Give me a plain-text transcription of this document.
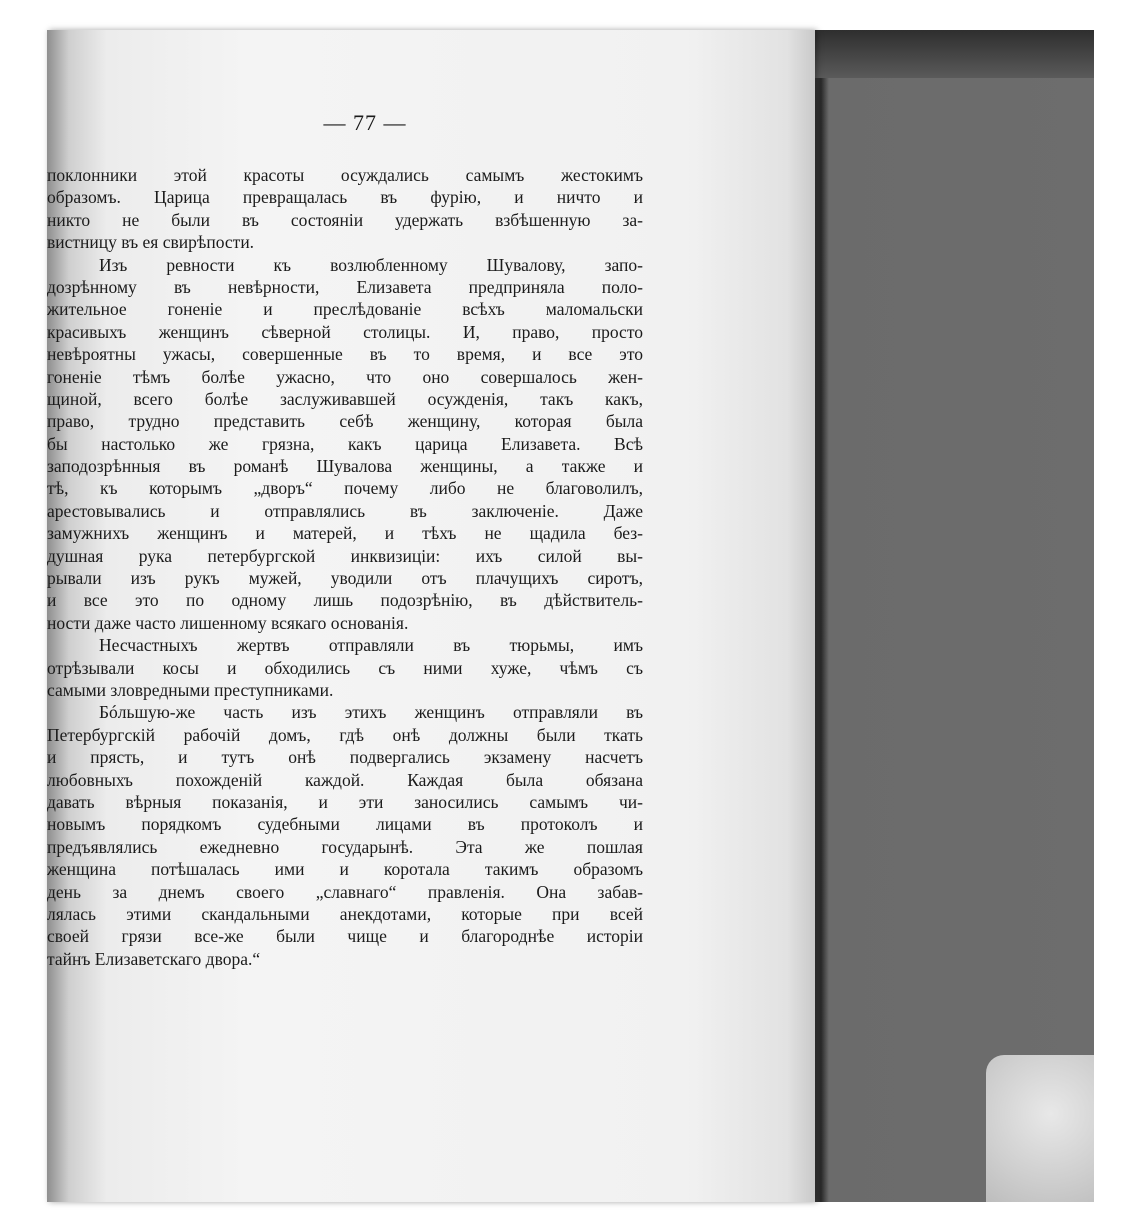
— 77 —
поклонники этой красоты осуждались самымъ жестокимъ
образомъ. Царица превращалась въ фурію, и ничто и
никто не были въ состояніи удержать взбѣшенную за-
вистницу въ ея свирѣпости.
Изъ ревности къ возлюбленному Шувалову, запо-
дозрѣнному въ невѣрности, Елизавета предприняла поло-
жительное гоненіе и преслѣдованіе всѣхъ маломальски
красивыхъ женщинъ сѣверной столицы. И, право, просто
невѣроятны ужасы, совершенные въ то время, и все это
гоненіе тѣмъ болѣе ужасно, что оно совершалось жен-
щиной, всего болѣе заслуживавшей осужденія, такъ какъ,
право, трудно представить себѣ женщину, которая была
бы настолько же грязна, какъ царица Елизавета. Всѣ
заподозрѣнныя въ романѣ Шувалова женщины, а также и
тѣ, къ которымъ „дворъ“ почему либо не благоволилъ,
арестовывались и отправлялись въ заключеніе. Даже
замужнихъ женщинъ и матерей, и тѣхъ не щадила без-
душная рука петербургской инквизиціи: ихъ силой вы-
рывали изъ рукъ мужей, уводили отъ плачущихъ сиротъ,
и все это по одному лишь подозрѣнію, въ дѣйствитель-
ности даже часто лишенному всякаго основанія.
Несчастныхъ жертвъ отправляли въ тюрьмы, имъ
отрѣзывали косы и обходились съ ними хуже, чѣмъ съ
самыми зловредными преступниками.
Бóльшую-же часть изъ этихъ женщинъ отправляли въ
Петербургскій рабочій домъ, гдѣ онѣ должны были ткать
и прясть, и тутъ онѣ подвергались экзамену насчетъ
любовныхъ похожденій каждой. Каждая была обязана
давать вѣрныя показанія, и эти заносились самымъ чи-
новымъ порядкомъ судебными лицами въ протоколъ и
предъявлялись ежедневно государынѣ. Эта же пошлая
женщина потѣшалась ими и коротала такимъ образомъ
день за днемъ своего „славнаго“ правленія. Она забав-
лялась этими скандальными анекдотами, которые при всей
своей грязи все-же были чище и благороднѣе исторіи
тайнъ Елизаветскаго двора.“
